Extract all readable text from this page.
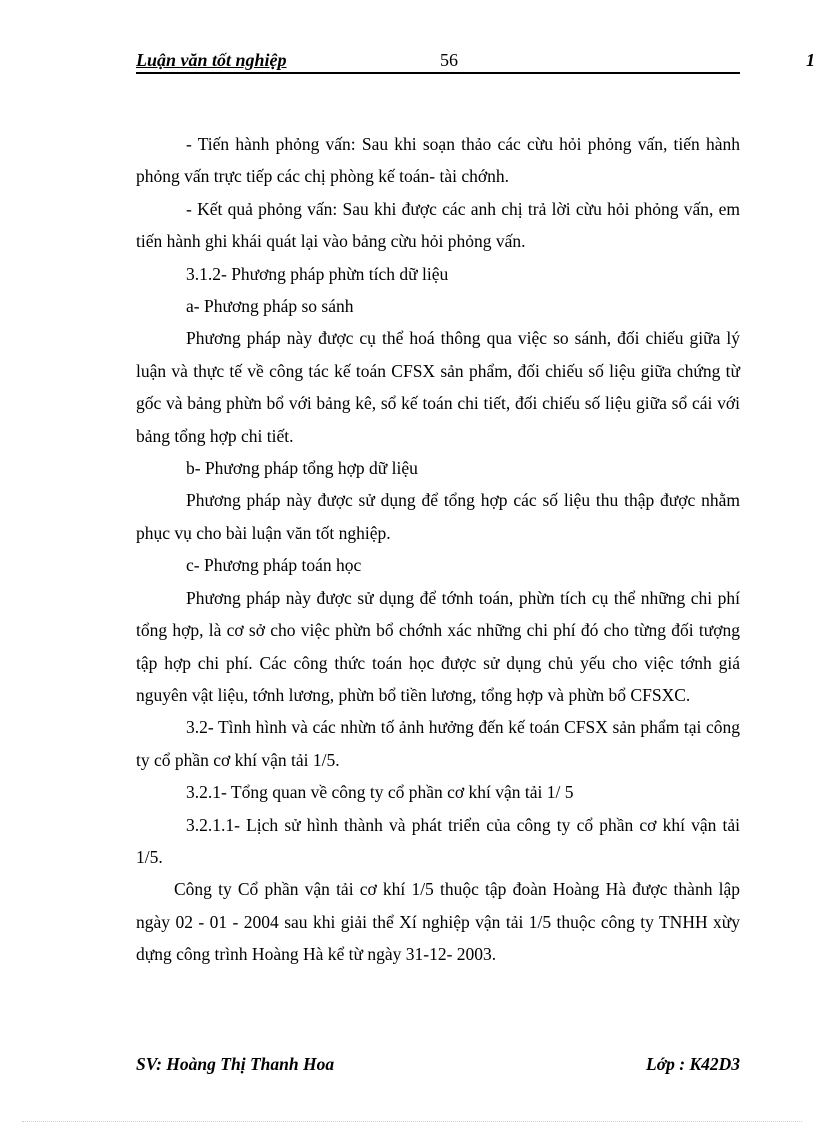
Luận văn tốt nghiệp	56	1

- Tiến hành phỏng vấn: Sau khi soạn thảo các cừu hỏi phỏng vấn, tiến hành phỏng vấn trực tiếp các chị phòng kế toán- tài chớnh.

- Kết quả phỏng vấn: Sau khi được các anh chị trả lời cừu hỏi phỏng vấn, em tiến hành ghi khái quát lại vào bảng cừu hỏi phỏng vấn.

3.1.2- Phương pháp phừn tích dữ liệu

a- Phương pháp so sánh

Phương pháp này được cụ thể hoá thông qua việc so sánh, đối chiếu giữa lý luận và thực tế về công tác kế toán CFSX sản phẩm, đối chiếu số liệu giữa chứng từ gốc và bảng phừn bổ với bảng kê, sổ kế toán chi tiết, đối chiếu số liệu giữa sổ cái với bảng tổng hợp chi tiết.

b- Phương pháp tổng hợp dữ liệu

Phương pháp này được sử dụng để tổng hợp các số liệu thu thập được nhằm phục vụ cho bài luận văn tốt nghiệp.

c- Phương pháp toán học

Phương pháp này được sử dụng để tớnh toán, phừn tích cụ thể những chi phí tổng hợp, là cơ sở cho việc phừn bổ chớnh xác những chi phí đó cho từng đối tượng tập hợp chi phí. Các công thức toán học được sử dụng chủ yếu cho việc tớnh giá nguyên vật liệu, tớnh lương, phừn bổ tiền lương, tổng hợp và phừn bổ CFSXC.

3.2- Tình hình và các nhừn tố ảnh hưởng đến kế toán CFSX sản phẩm tại công ty cổ phần cơ khí vận tải 1/5.

3.2.1- Tổng quan về công ty cổ phần cơ khí vận tải 1/ 5

3.2.1.1- Lịch sử hình thành và phát triển của công ty cổ phần cơ khí vận tải 1/5.

Công ty Cổ phần vận tải cơ khí 1/5 thuộc tập đoàn Hoàng Hà được thành lập ngày 02 - 01 - 2004 sau khi giải thể Xí nghiệp vận tải 1/5 thuộc công ty TNHH xừy dựng công trình Hoàng Hà kể từ ngày 31-12- 2003.

SV: Hoàng Thị Thanh Hoa	Lớp : K42D3
